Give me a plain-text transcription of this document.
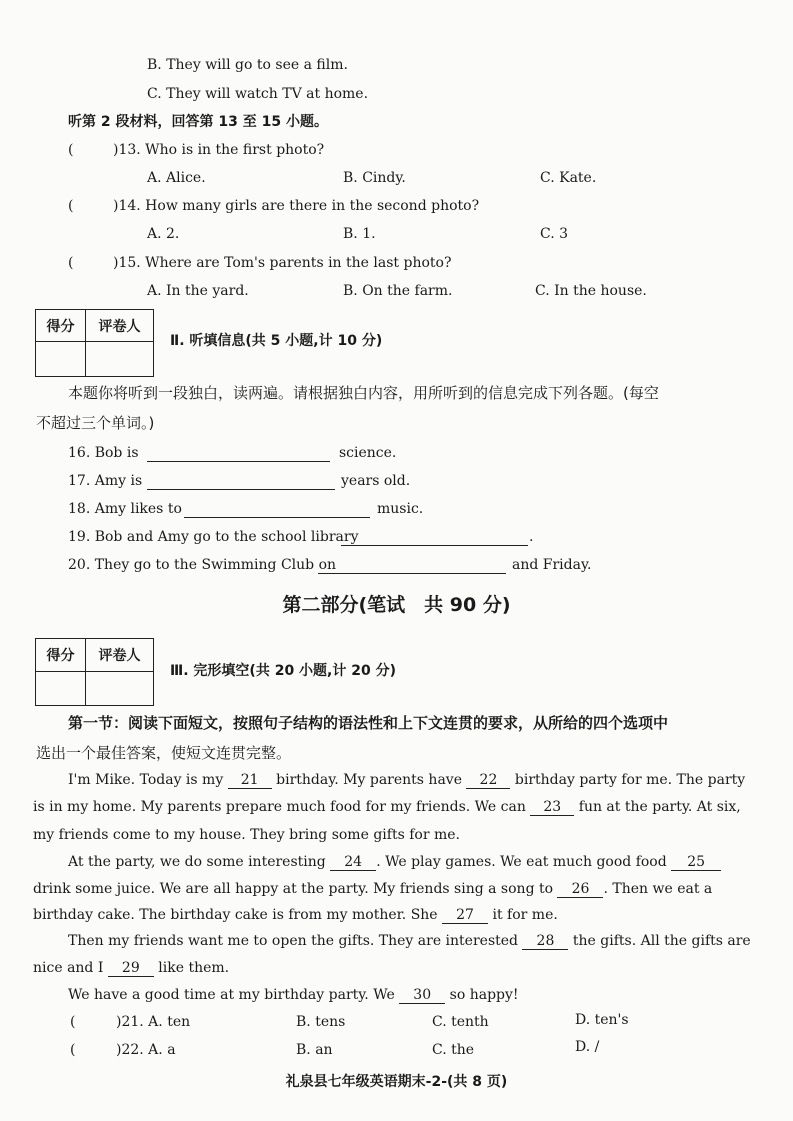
B. They will go to see a film.
C. They will watch TV at home.
听第 2 段材料，回答第 13 至 15 小题。
(	)13. Who is in the first photo?
A. Alice.	B. Cindy.	C. Kate.
(	)14. How many girls are there in the second photo?
A. 2.	B. 1.	C. 3
(	)15. Where are Tom's parents in the last photo?
A. In the yard.	B. On the farm.	C. In the house.
得分	评卷人

Ⅱ. 听填信息(共 5 小题,计 10 分)
本题你将听到一段独白，读两遍。请根据独白内容，用所听到的信息完成下列各题。(每空
不超过三个单词。)
16. Bob is	science.
17. Amy is	years old.
18. Amy likes to	music.
19. Bob and Amy go to the school library	.
20. They go to the Swimming Club on	and Friday.
第二部分(笔试　共 90 分)
得分	评卷人

Ⅲ. 完形填空(共 20 小题,计 20 分)
第一节：阅读下面短文，按照句子结构的语法性和上下文连贯的要求，从所给的四个选项中
选出一个最佳答案，使短文连贯完整。
I'm Mike. Today is my 21 birthday. My parents have 22 birthday party for me. The party
is in my home. My parents prepare much food for my friends. We can 23 fun at the party. At six,
my friends come to my house. They bring some gifts for me.
At the party, we do some interesting 24 . We play games. We eat much good food 25
drink some juice. We are all happy at the party. My friends sing a song to 26 . Then we eat a
birthday cake. The birthday cake is from my mother. She 27 it for me.
Then my friends want me to open the gifts. They are interested 28 the gifts. All the gifts are
nice and I 29 like them.
We have a good time at my birthday party. We 30 so happy!
(	)21. A. ten	B. tens	C. tenth	D. ten's
(	)22. A. a	B. an	C. the	D. /
礼泉县七年级英语期末-2-(共 8 页)
